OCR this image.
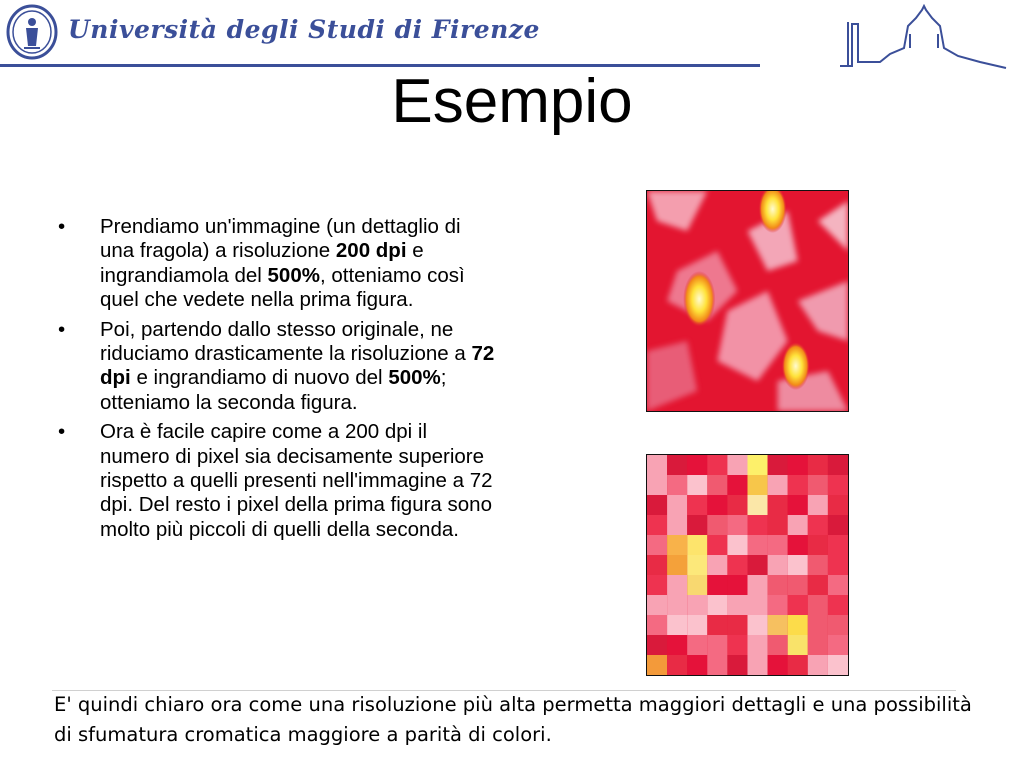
Università degli Studi di Firenze
Esempio
• Prendiamo un'immagine (un dettaglio di una fragola) a risoluzione 200 dpi e ingrandiamola del 500%, otteniamo così quel che vedete nella prima figura.
• Poi, partendo dallo stesso originale, ne riduciamo drasticamente la risoluzione a 72 dpi e ingrandiamo di nuovo del 500%; otteniamo la seconda figura.
• Ora è facile capire come a 200 dpi il numero di pixel sia decisamente superiore rispetto a quelli presenti nell'immagine a 72 dpi. Del resto i pixel della prima figura sono molto più piccoli di quelli della seconda.
E' quindi chiaro ora come una risoluzione più alta permetta maggiori dettagli e una possibilità di sfumatura cromatica maggiore a parità di colori.
